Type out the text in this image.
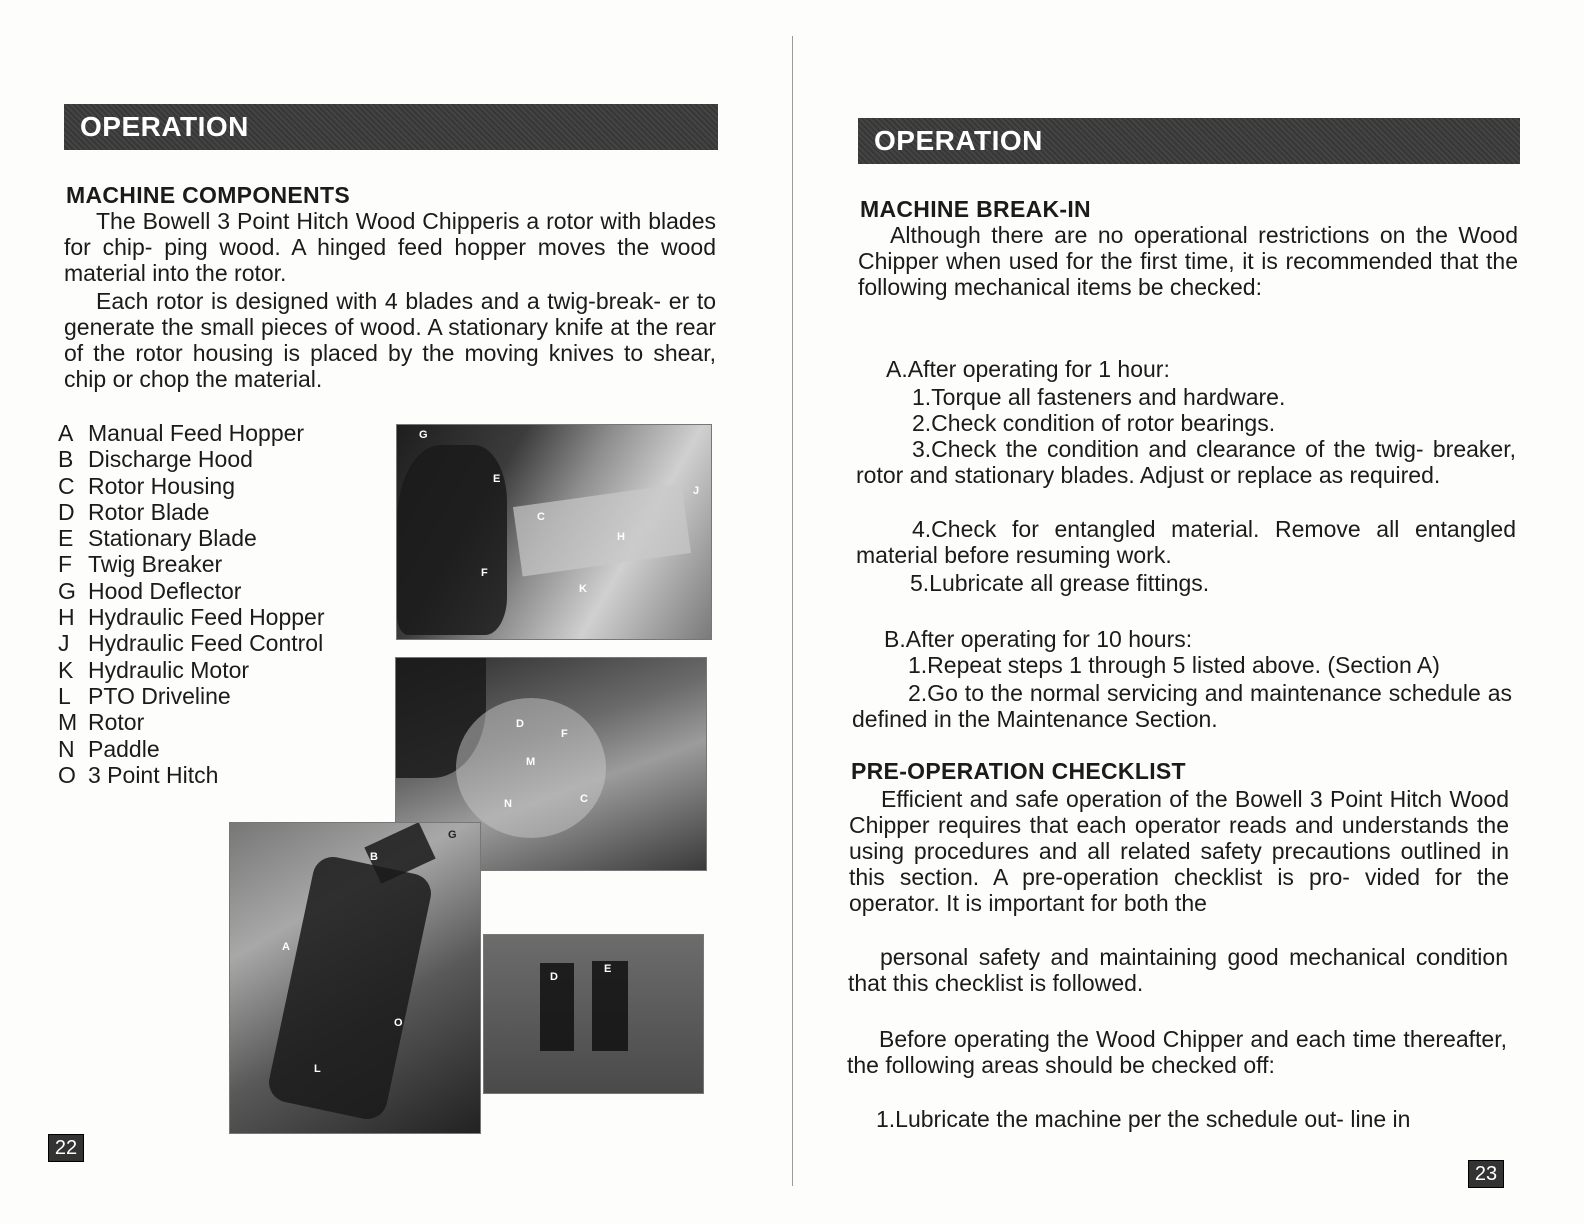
OPERATION
MACHINE COMPONENTS

The Bowell 3 Point Hitch Wood Chipperis a rotor with blades for chip- ping wood. A hinged feed hopper moves the wood material into the rotor.

Each rotor is designed with 4 blades and a twig-break- er to generate the small pieces of wood. A stationary knife at the rear of the rotor housing is placed by the moving knives to shear, chip or chop the material.

A Manual Feed Hopper
B Discharge Hood
C Rotor Housing
D Rotor Blade
E Stationary Blade
F Twig Breaker
G Hood Deflector
H Hydraulic Feed Hopper
J Hydraulic Feed Control
K Hydraulic Motor
L PTO Driveline
M Rotor
N Paddle
O 3 Point Hitch
G
J
E
C
H
F
K
D
F
M
N	C
B
G
A
O
L
D
E
22
OPERATION
MACHINE BREAK-IN

Although there are no operational restrictions on the Wood Chipper when used for the first time, it is recommended that the following mechanical items be checked:

A.After operating for 1 hour:
1.Torque all fasteners and hardware.
2.Check condition of rotor bearings.

3.Check the condition and clearance of the twig- breaker, rotor and stationary blades. Adjust or replace as required.

4.Check for entangled material. Remove all entangled material before resuming work.

5.Lubricate all grease fittings.
B.After operating for 10 hours:
1.Repeat steps 1 through 5 listed above. (Section A)

2.Go to the normal servicing and maintenance schedule as defined in the Maintenance Section.

PRE-OPERATION CHECKLIST

Efficient and safe operation of the Bowell 3 Point Hitch Wood Chipper requires that each operator reads and understands the using procedures and all related safety precautions outlined in this section. A pre-operation checklist is pro- vided for the operator. It is important for both the

personal safety and maintaining good mechanical condition that this checklist is followed.

Before operating the Wood Chipper and each time thereafter, the following areas should be checked off:

1.Lubricate the machine per the schedule out- line in
23
